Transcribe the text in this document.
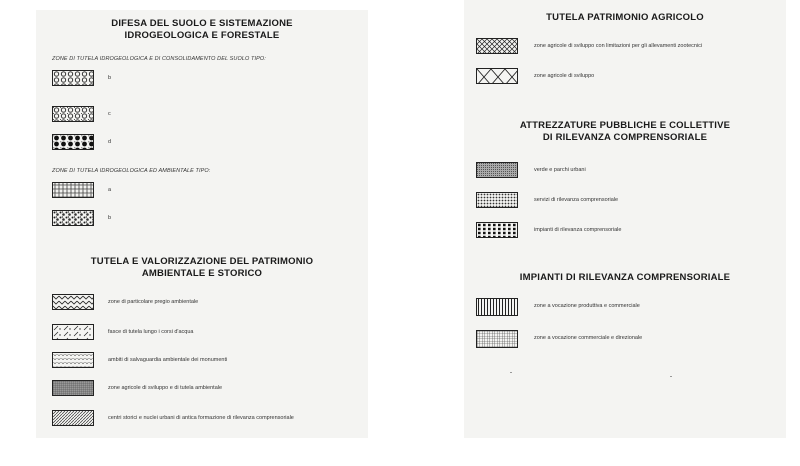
DIFESA DEL SUOLO E SISTEMAZIONE
IDROGEOLOGICA E FORESTALE
ZONE DI TUTELA IDROGEOLOGICA E DI CONSOLIDAMENTO DEL SUOLO TIPO:
b
c
d
ZONE DI TUTELA IDROGEOLOGICA ED AMBIENTALE TIPO:
a
b
TUTELA E VALORIZZAZIONE DEL PATRIMONIO
AMBIENTALE E STORICO
zone di particolare pregio ambientale
fasce di tutela lungo i corsi d'acqua
ambiti di salvaguardia ambientale dei monumenti
zone agricole di sviluppo e di tutela ambientale
centri storici e nuclei urbani di antica formazione di rilevanza comprensoriale
TUTELA PATRIMONIO AGRICOLO
zone agricole di sviluppo con limitazioni per gli allevamenti zootecnici
zone agricole di sviluppo
ATTREZZATURE PUBBLICHE E COLLETTIVE
DI RILEVANZA COMPRENSORIALE
verde e parchi urbani
servizi di rilevanza comprensoriale
impianti di rilevanza comprensoriale
IMPIANTI DI RILEVANZA COMPRENSORIALE
zone a vocazione produttiva e commerciale
zone a vocazione commerciale e direzionale
